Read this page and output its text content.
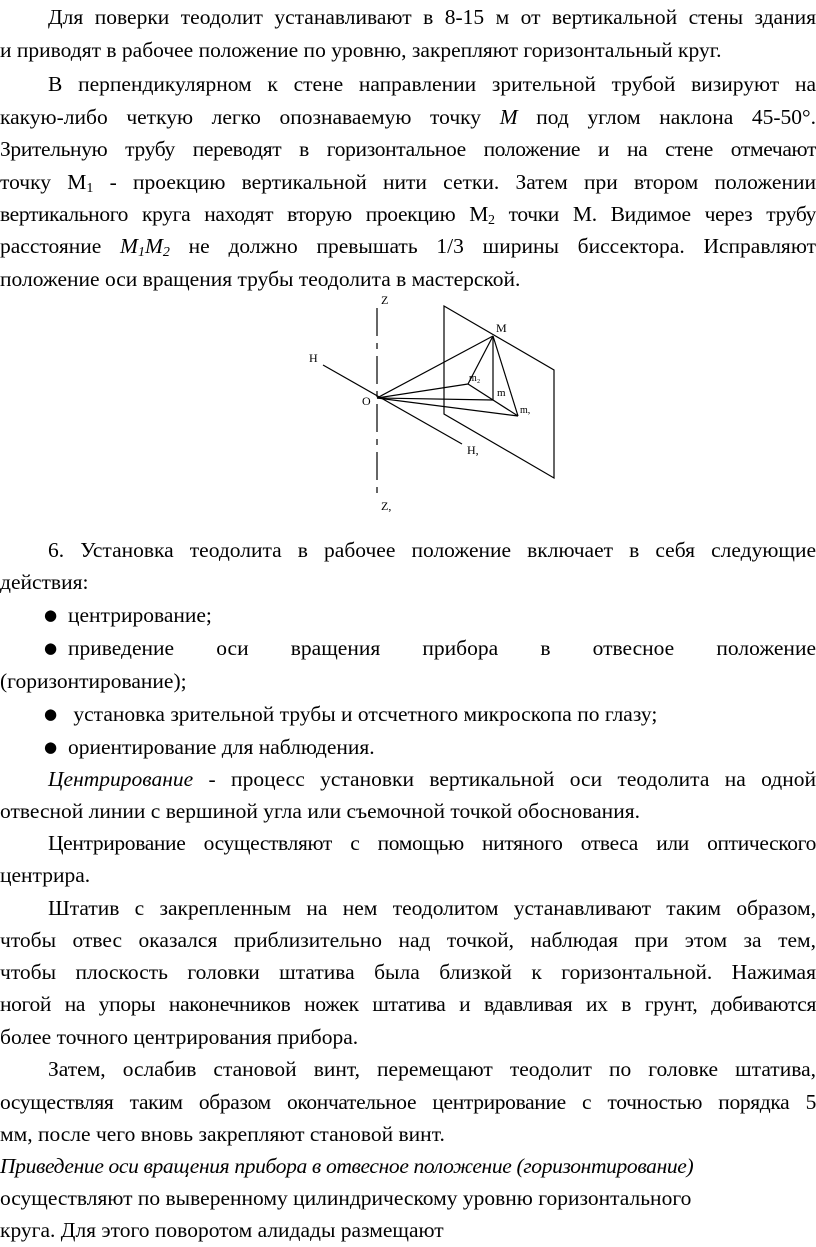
Для поверки теодолит устанавливают в 8-15 м от вертикальной стены здания
и приводят в рабочее положение по уровню, закрепляют горизонтальный круг.
В перпендикулярном к стене направлении зрительной трубой визируют на
какую-либо четкую легко опознаваемую точку М под углом наклона 45-50°.
Зрительную трубу переводят в горизонтальное положение и на стене отмечают
точку $М_1$ - проекцию вертикальной нити сетки. Затем при втором положении
вертикального круга находят вторую проекцию $М_2$ точки М. Видимое через трубу
расстояние $М_1М_2$ не должно превышать 1/3 ширины биссектора. Исправляют
положение оси вращения трубы теодолита в мастерской.
Z
Z,
H
H,
O
M
m₂
m
m,
6. Установка теодолита в рабочее положение включает в себя следующие
действия:
● центрирование;
● приведение оси вращения прибора в отвесное положение
(горизонтирование);
● установка зрительной трубы и отсчетного микроскопа по глазу;
● ориентирование для наблюдения.
Центрирование - процесс установки вертикальной оси теодолита на одной
отвесной линии с вершиной угла или съемочной точкой обоснования.
Центрирование осуществляют с помощью нитяного отвеса или оптического
центрира.
Штатив с закрепленным на нем теодолитом устанавливают таким образом,
чтобы отвес оказался приблизительно над точкой, наблюдая при этом за тем,
чтобы плоскость головки штатива была близкой к горизонтальной. Нажимая
ногой на упоры наконечников ножек штатива и вдавливая их в грунт, добиваются
более точного центрирования прибора.
Затем, ослабив становой винт, перемещают теодолит по головке штатива,
осуществляя таким образом окончательное центрирование с точностью порядка 5
мм, после чего вновь закрепляют становой винт.
Приведение оси вращения прибора в отвесное положение (горизонтирование)
осуществляют по выверенному цилиндрическому уровню горизонтального
круга. Для этого поворотом алидады размещают
